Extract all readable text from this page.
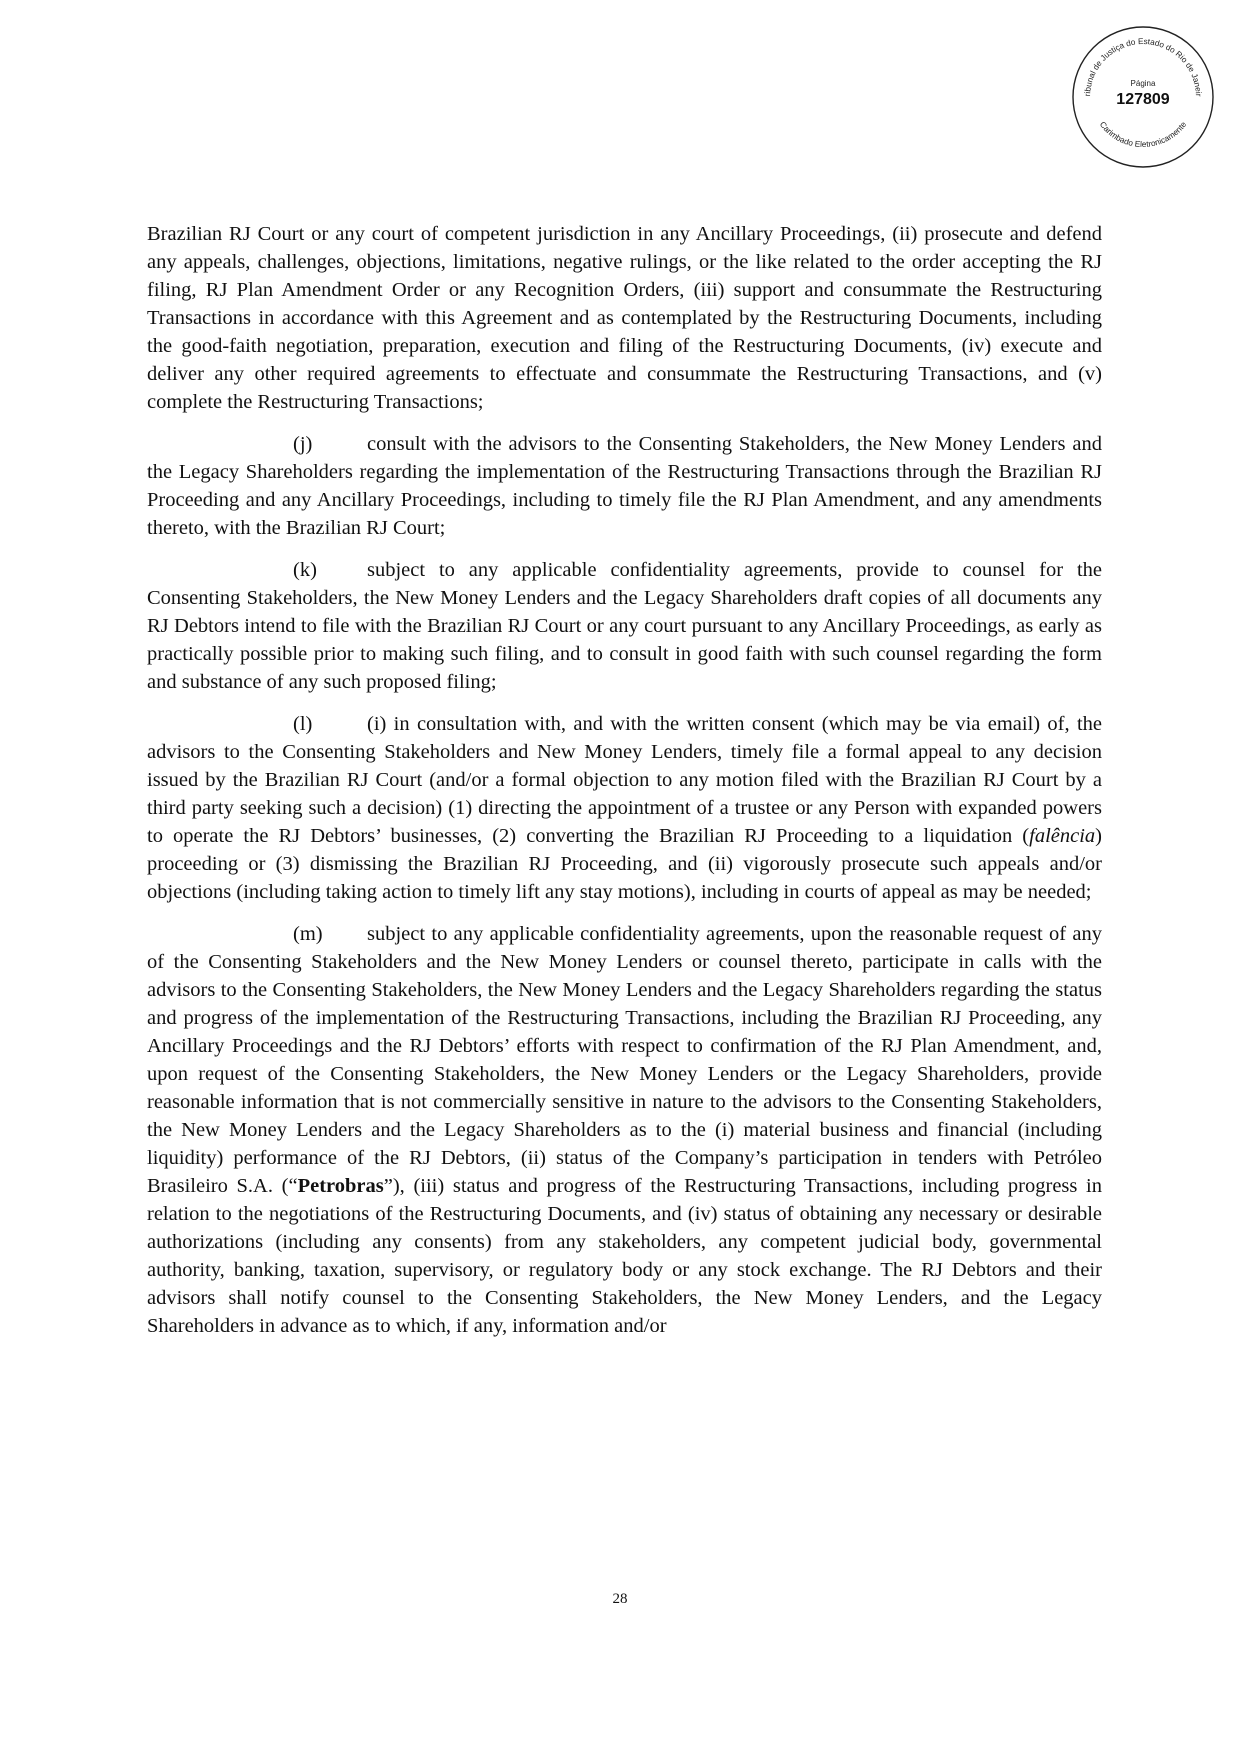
ribunal de Justiça do Estado do Rio de Janeir
Carimbado Eletronicamente
Página
127809

Brazilian RJ Court or any court of competent jurisdiction in any Ancillary Proceedings, (ii) prosecute and defend any appeals, challenges, objections, limitations, negative rulings, or the like related to the order accepting the RJ filing, RJ Plan Amendment Order or any Recognition Orders, (iii) support and consummate the Restructuring Transactions in accordance with this Agreement and as contemplated by the Restructuring Documents, including the good-faith negotiation, preparation, execution and filing of the Restructuring Documents, (iv) execute and deliver any other required agreements to effectuate and consummate the Restructuring Transactions, and (v) complete the Restructuring Transactions;

(j)	consult with the advisors to the Consenting Stakeholders, the New Money Lenders and the Legacy Shareholders regarding the implementation of the Restructuring Transactions through the Brazilian RJ Proceeding and any Ancillary Proceedings, including to timely file the RJ Plan Amendment, and any amendments thereto, with the Brazilian RJ Court;

(k) subject to any applicable confidentiality agreements, provide to counsel for the Consenting Stakeholders, the New Money Lenders and the Legacy Shareholders draft copies of all documents any RJ Debtors intend to file with the Brazilian RJ Court or any court pursuant to any Ancillary Proceedings, as early as practically possible prior to making such filing, and to consult in good faith with such counsel regarding the form and substance of any such proposed filing;

(l)	(i) in consultation with, and with the written consent (which may be via email) of, the advisors to the Consenting Stakeholders and New Money Lenders, timely file a formal appeal to any decision issued by the Brazilian RJ Court (and/or a formal objection to any motion filed with the Brazilian RJ Court by a third party seeking such a decision) (1) directing the appointment of a trustee or any Person with expanded powers to operate the RJ Debtors’ businesses, (2) converting the Brazilian RJ Proceeding to a liquidation (falência) proceeding or (3) dismissing the Brazilian RJ Proceeding, and (ii) vigorously prosecute such appeals and/or objections (including taking action to timely lift any stay motions), including in courts of appeal as may be needed;

(m) subject to any applicable confidentiality agreements, upon the reasonable request of any of the Consenting Stakeholders and the New Money Lenders or counsel thereto, participate in calls with the advisors to the Consenting Stakeholders, the New Money Lenders and the Legacy Shareholders regarding the status and progress of the implementation of the Restructuring Transactions, including the Brazilian RJ Proceeding, any Ancillary Proceedings and the RJ Debtors’ efforts with respect to confirmation of the RJ Plan Amendment, and, upon request of the Consenting Stakeholders, the New Money Lenders or the Legacy Shareholders, provide reasonable information that is not commercially sensitive in nature to the advisors to the Consenting Stakeholders, the New Money Lenders and the Legacy Shareholders as to the (i) material business and financial (including liquidity) performance of the RJ Debtors, (ii) status of the Company’s participation in tenders with Petróleo Brasileiro S.A. (“Petrobras”), (iii) status and progress of the Restructuring Transactions, including progress in relation to the negotiations of the Restructuring Documents, and (iv) status of obtaining any necessary or desirable authorizations (including any consents) from any stakeholders, any competent judicial body, governmental authority, banking, taxation, supervisory, or regulatory body or any stock exchange. The RJ Debtors and their advisors shall notify counsel to the Consenting Stakeholders, the New Money Lenders, and the Legacy Shareholders in advance as to which, if any, information and/or

28
